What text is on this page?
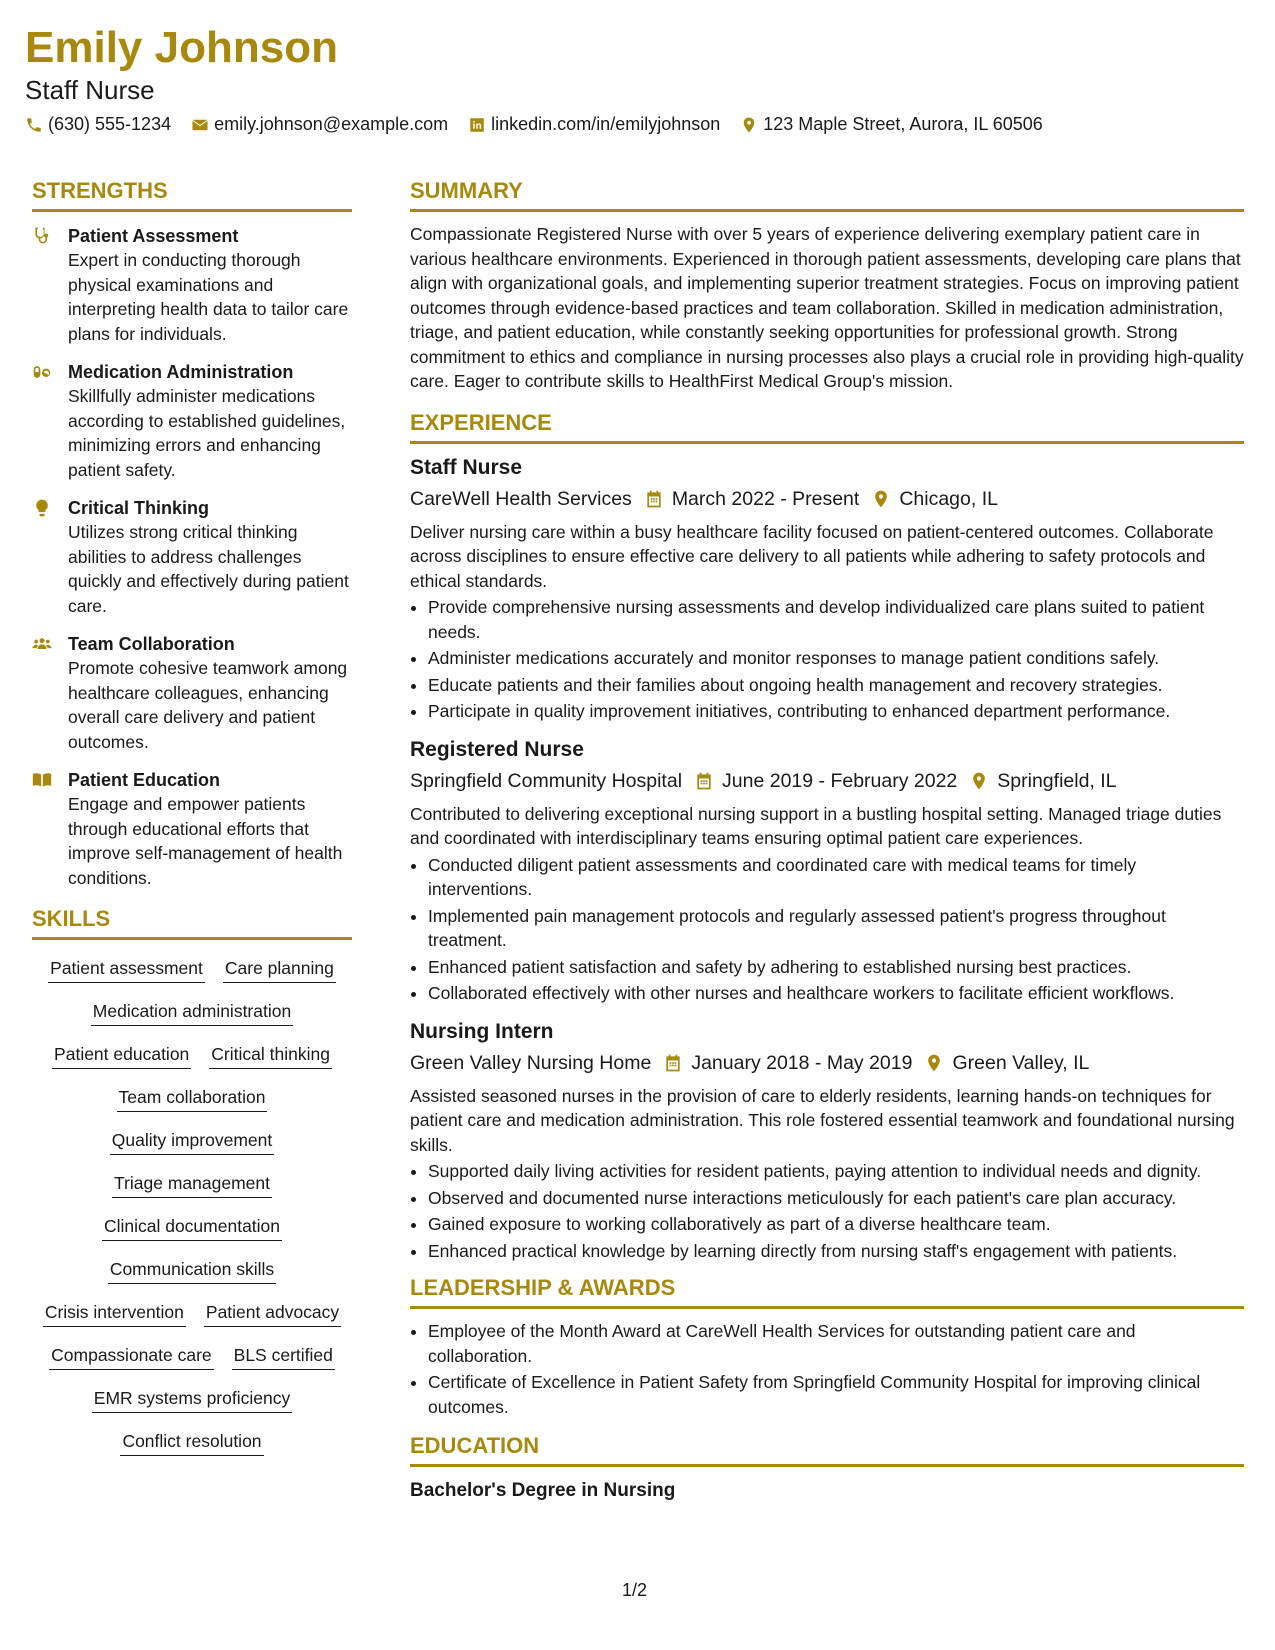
Emily Johnson
Staff Nurse
(630) 555-1234 emily.johnson@example.com linkedin.com/in/emilyjohnson 123 Maple Street, Aurora, IL 60506
STRENGTHS
Patient Assessment
Expert in conducting thorough physical examinations and interpreting health data to tailor care plans for individuals.
Medication Administration
Skillfully administer medications according to established guidelines, minimizing errors and enhancing patient safety.
Critical Thinking
Utilizes strong critical thinking abilities to address challenges quickly and effectively during patient care.
Team Collaboration
Promote cohesive teamwork among healthcare colleagues, enhancing overall care delivery and patient outcomes.
Patient Education
Engage and empower patients through educational efforts that improve self-management of health conditions.
SKILLS
Patient assessment Care planning
Medication administration
Patient education Critical thinking
Team collaboration
Quality improvement
Triage management
Clinical documentation
Communication skills
Crisis intervention Patient advocacy
Compassionate care BLS certified
EMR systems proficiency
Conflict resolution
SUMMARY

Compassionate Registered Nurse with over 5 years of experience delivering exemplary patient care in various healthcare environments. Experienced in thorough patient assessments, developing care plans that align with organizational goals, and implementing superior treatment strategies. Focus on improving patient outcomes through evidence-based practices and team collaboration. Skilled in medication administration, triage, and patient education, while constantly seeking opportunities for professional growth. Strong commitment to ethics and compliance in nursing processes also plays a crucial role in providing high-quality care. Eager to contribute skills to HealthFirst Medical Group's mission.

EXPERIENCE
Staff Nurse
CareWell Health Services March 2022 - Present Chicago, IL

Deliver nursing care within a busy healthcare facility focused on patient-centered outcomes. Collaborate across disciplines to ensure effective care delivery to all patients while adhering to safety protocols and ethical standards.

• Provide comprehensive nursing assessments and develop individualized care plans suited to patient needs.
• Administer medications accurately and monitor responses to manage patient conditions safely.
• Educate patients and their families about ongoing health management and recovery strategies.
• Participate in quality improvement initiatives, contributing to enhanced department performance.
Registered Nurse
Springfield Community Hospital June 2019 - February 2022 Springfield, IL

Contributed to delivering exceptional nursing support in a bustling hospital setting. Managed triage duties and coordinated with interdisciplinary teams ensuring optimal patient care experiences.

• Conducted diligent patient assessments and coordinated care with medical teams for timely interventions.
• Implemented pain management protocols and regularly assessed patient's progress throughout treatment.
• Enhanced patient satisfaction and safety by adhering to established nursing best practices.
• Collaborated effectively with other nurses and healthcare workers to facilitate efficient workflows.
Nursing Intern
Green Valley Nursing Home January 2018 - May 2019 Green Valley, IL

Assisted seasoned nurses in the provision of care to elderly residents, learning hands-on techniques for patient care and medication administration. This role fostered essential teamwork and foundational nursing skills.

• Supported daily living activities for resident patients, paying attention to individual needs and dignity.
• Observed and documented nurse interactions meticulously for each patient's care plan accuracy.
• Gained exposure to working collaboratively as part of a diverse healthcare team.
• Enhanced practical knowledge by learning directly from nursing staff's engagement with patients.
LEADERSHIP & AWARDS
• Employee of the Month Award at CareWell Health Services for outstanding patient care and collaboration.
• Certificate of Excellence in Patient Safety from Springfield Community Hospital for improving clinical outcomes.
EDUCATION
Bachelor's Degree in Nursing
1/2
